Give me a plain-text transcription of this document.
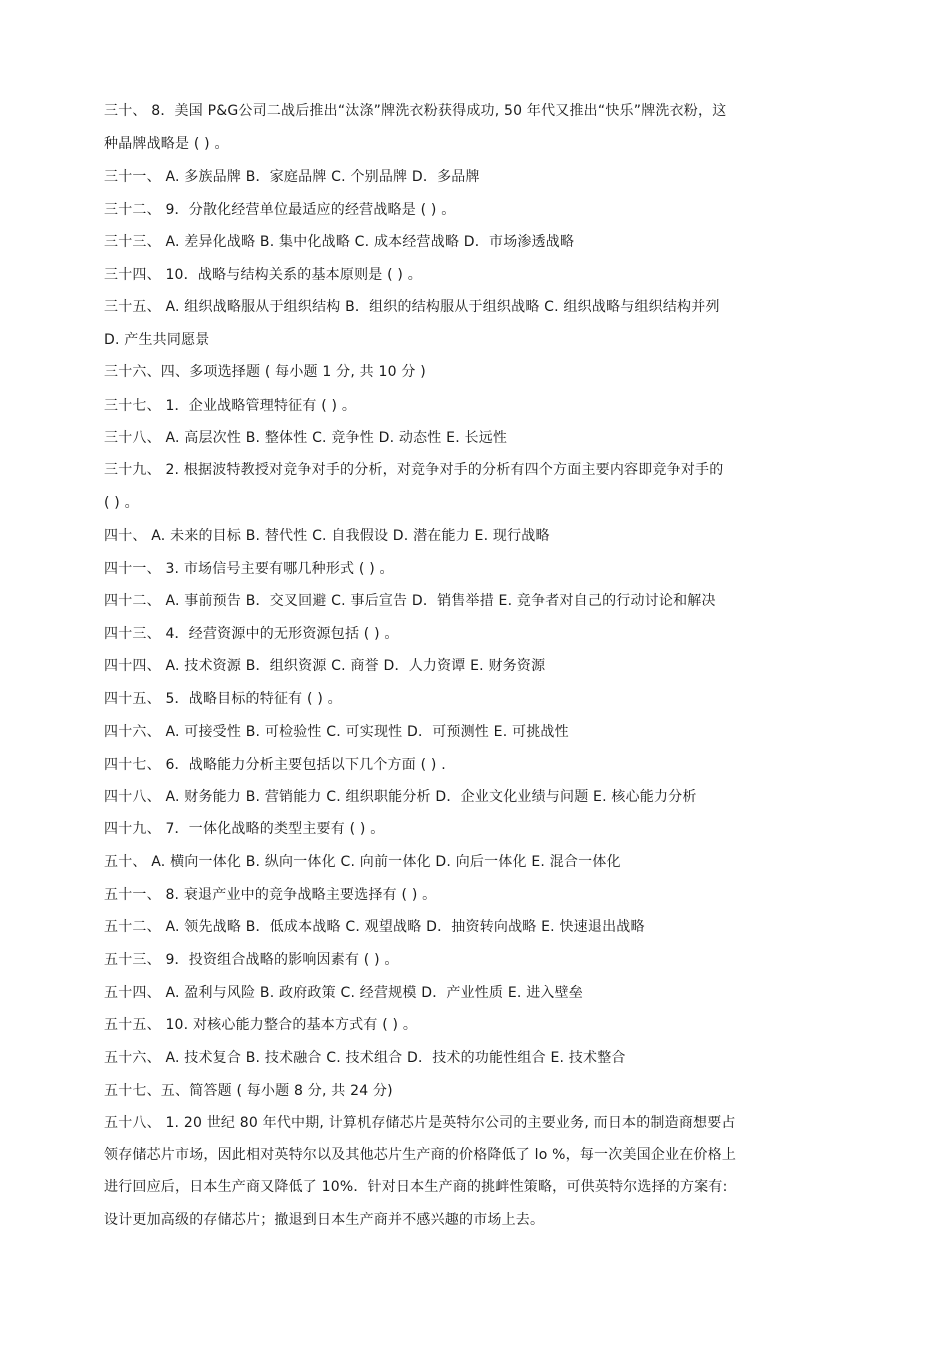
三十、 8．美国 P&G公司二战后推出“汰涤”牌洗衣粉获得成功, 50 年代又推出“快乐”牌洗衣粉，这
种晶牌战略是 ( ) 。
三十一、 A. 多族品牌 B．家庭品牌 C. 个别品牌 D．多品牌
三十二、 9．分散化经营单位最适应的经营战略是 ( ) 。
三十三、 A. 差异化战略 B. 集中化战略 C. 成本经营战略 D．市场渗透战略
三十四、 10．战略与结构关系的基本原则是 ( ) 。
三十五、 A. 组织战略服从于组织结构 B．组织的结构服从于组织战略 C. 组织战略与组织结构并列
D. 产生共同愿景
三十六、四、多项选择题 ( 每小题 1 分, 共 10 分 )
三十七、 1．企业战略管理特征有 ( ) 。
三十八、 A. 高层次性 B. 整体性 C. 竞争性 D. 动态性 E. 长远性
三十九、 2. 根据波特教授对竞争对手的分析，对竞争对手的分析有四个方面主要内容即竞争对手的
( ) 。
四十、 A. 未来的目标 B. 替代性 C. 自我假设 D. 潜在能力 E. 现行战略
四十一、 3. 市场信号主要有哪几种形式 ( ) 。
四十二、 A. 事前预告 B．交叉回避 C. 事后宣告 D．销售举措 E. 竞争者对自己的行动讨论和解决
四十三、 4．经营资源中的无形资源包括 ( ) 。
四十四、 A. 技术资源 B．组织资源 C. 商誉 D．人力资谭 E. 财务资源
四十五、 5．战略目标的特征有 ( ) 。
四十六、 A. 可接受性 B. 可检验性 C. 可实现性 D．可预测性 E. 可挑战性
四十七、 6．战略能力分析主要包括以下几个方面 ( ) .
四十八、 A. 财务能力 B. 营销能力 C. 组织职能分析 D．企业文化业绩与问题 E. 核心能力分析
四十九、 7．一体化战略的类型主要有 ( ) 。
五十、 A. 横向一体化 B. 纵向一体化 C. 向前一体化 D. 向后一体化 E. 混合一体化
五十一、 8. 衰退产业中的竞争战略主要选择有 ( ) 。
五十二、 A. 领先战略 B．低成本战略 C. 观望战略 D．抽资转向战略 E. 快速退出战略
五十三、 9．投资组合战略的影响因素有 ( ) 。
五十四、 A. 盈利与风险 B. 政府政策 C. 经营规模 D．产业性质 E. 进入壁垒
五十五、 10. 对核心能力整合的基本方式有 ( ) 。
五十六、 A. 技术复合 B. 技术融合 C. 技术组合 D．技术的功能性组合 E. 技术整合
五十七、五、简答题 ( 每小题 8 分, 共 24 分)
五十八、 1. 20 世纪 80 年代中期, 计算机存储芯片是英特尔公司的主要业务, 而日本的制造商想要占
领存储芯片市场，因此相对英特尔以及其他芯片生产商的价格降低了 lo %，每一次美国企业在价格上
进行回应后，日本生产商又降低了 10%．针对日本生产商的挑衅性策略，可供英特尔选择的方案有:
设计更加高级的存储芯片；撤退到日本生产商并不感兴趣的市场上去。
